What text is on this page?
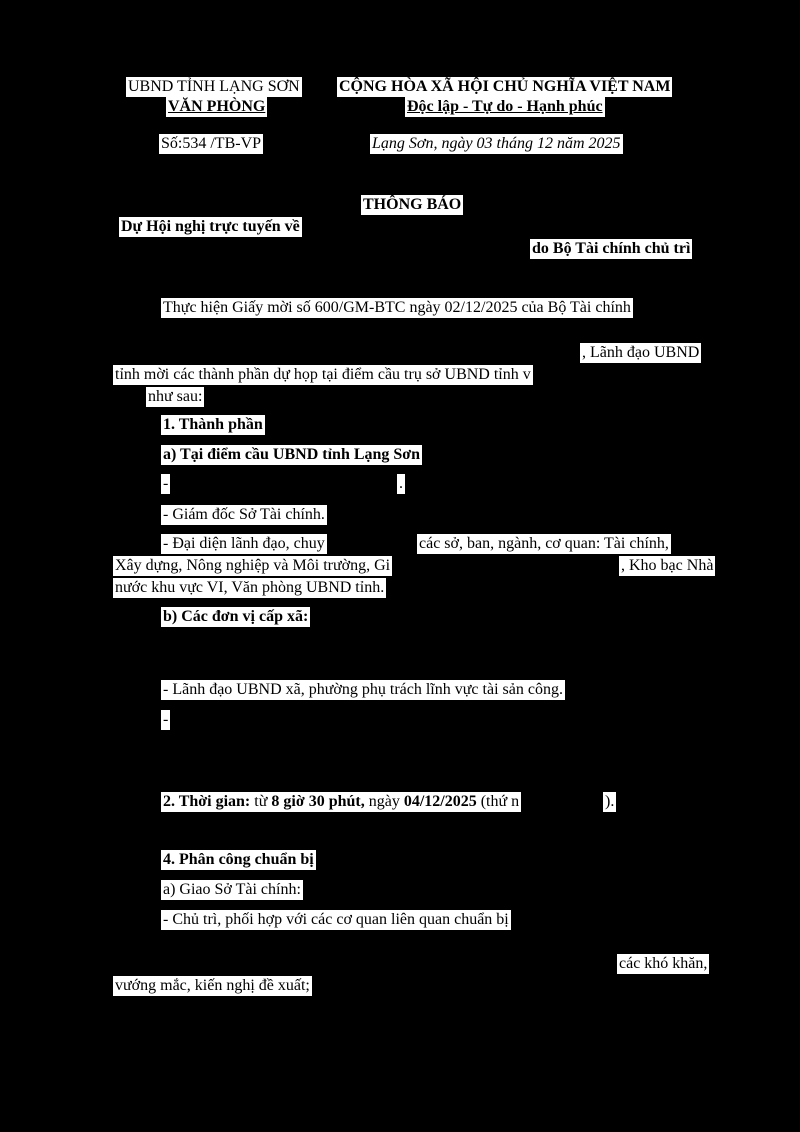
UBND TỈNH LẠNG SƠN
VĂN PHÒNG
CỘNG HÒA XÃ HỘI CHỦ NGHĨA VIỆT NAM
Độc lập - Tự do - Hạnh phúc
Số:534 /TB-VP	Lạng Sơn, ngày 03 tháng 12 năm 2025
THÔNG BÁO
Dự Hội nghị trực tuyến về
do Bộ Tài chính chủ trì
Thực hiện Giấy mời số 600/GM-BTC ngày 02/12/2025 của Bộ Tài chính
, Lãnh đạo UBND
tỉnh mời các thành phần dự họp tại điểm cầu trụ sở UBND tỉnh v
như sau:
1. Thành phần
a) Tại điểm cầu UBND tỉnh Lạng Sơn
-	.
- Giám đốc Sở Tài chính.
- Đại diện lãnh đạo, chuy	các sở, ban, ngành, cơ quan: Tài chính,
Xây dựng, Nông nghiệp và Môi trường, Gi	, Kho bạc Nhà
nước khu vực VI, Văn phòng UBND tỉnh.
b) Các đơn vị cấp xã:
- Lãnh đạo UBND xã, phường phụ trách lĩnh vực tài sản công.
-
2. Thời gian: từ 8 giờ 30 phút, ngày 04/12/2025 (thứ n	).
4. Phân công chuẩn bị
a) Giao Sở Tài chính:
- Chủ trì, phối hợp với các cơ quan liên quan chuẩn bị
các khó khăn,
vướng mắc, kiến nghị đề xuất;
